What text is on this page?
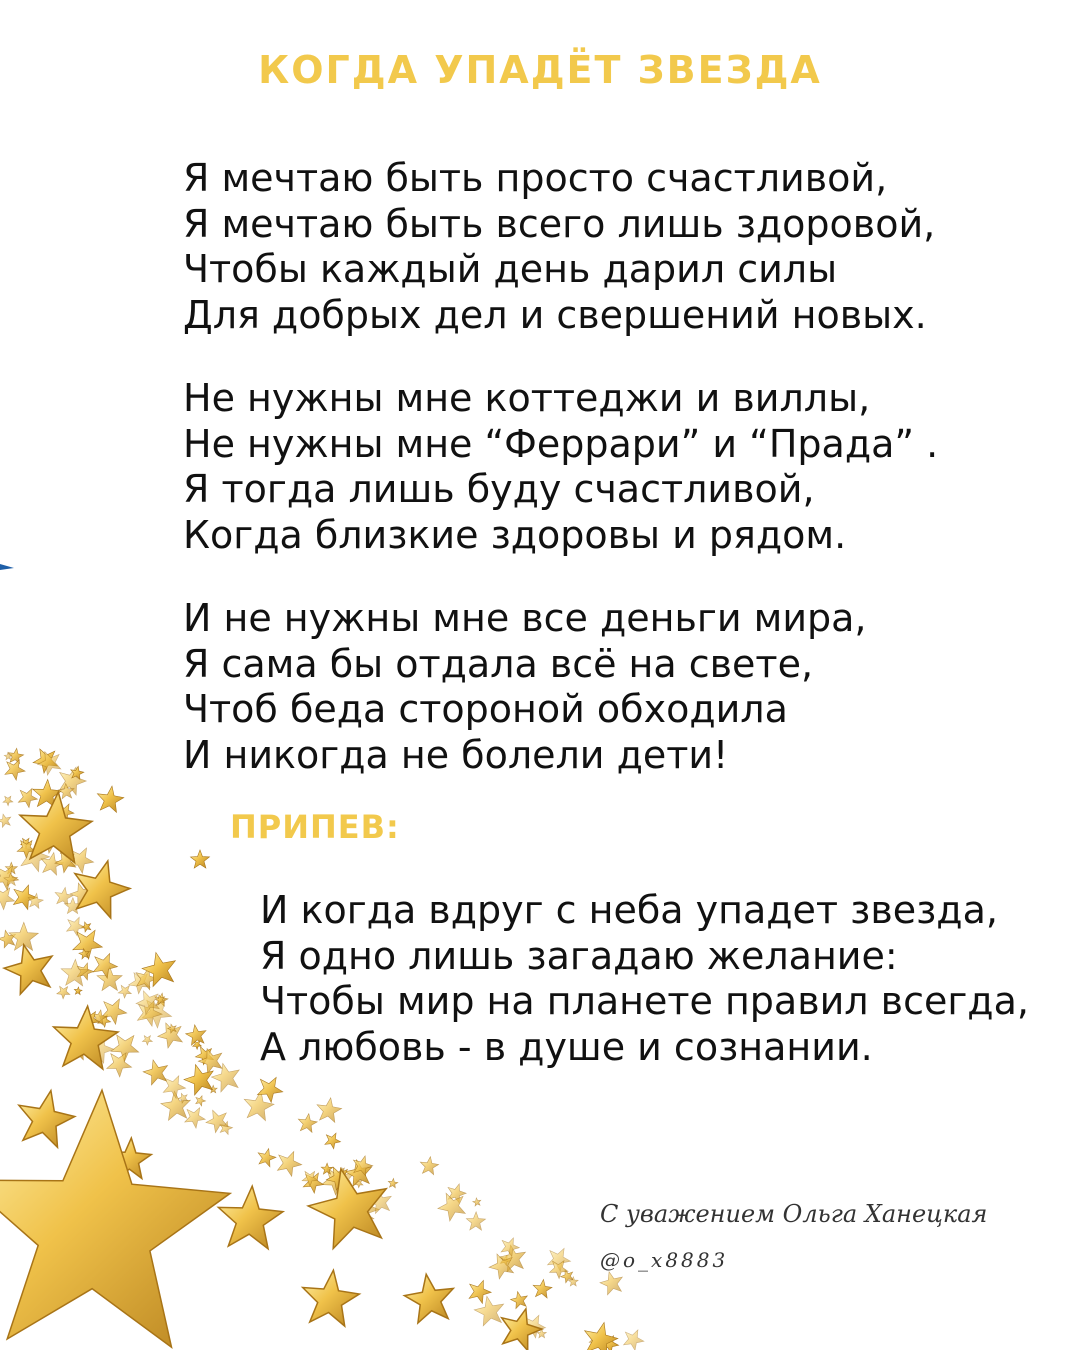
КОГДА УПАДЁТ ЗВЕЗДА
Я мечтаю быть просто счастливой,
Я мечтаю быть всего лишь здоровой,
Чтобы каждый день дарил силы
Для добрых дел и свершений новых.
Не нужны мне коттеджи и виллы,
Не нужны мне “Феррари” и “Прада” .
Я тогда лишь буду счастливой,
Когда близкие здоровы и рядом.
И не нужны мне все деньги мира,
Я сама бы отдала всё на свете,
Чтоб беда стороной обходила
И никогда не болели дети!
ПРИПЕВ:
И когда вдруг с неба упадет звезда,
Я одно лишь загадаю желание:
Чтобы мир на планете правил всегда,
А любовь - в душе и сознании.
С уважением Ольга Ханецкая
@o_x8883
